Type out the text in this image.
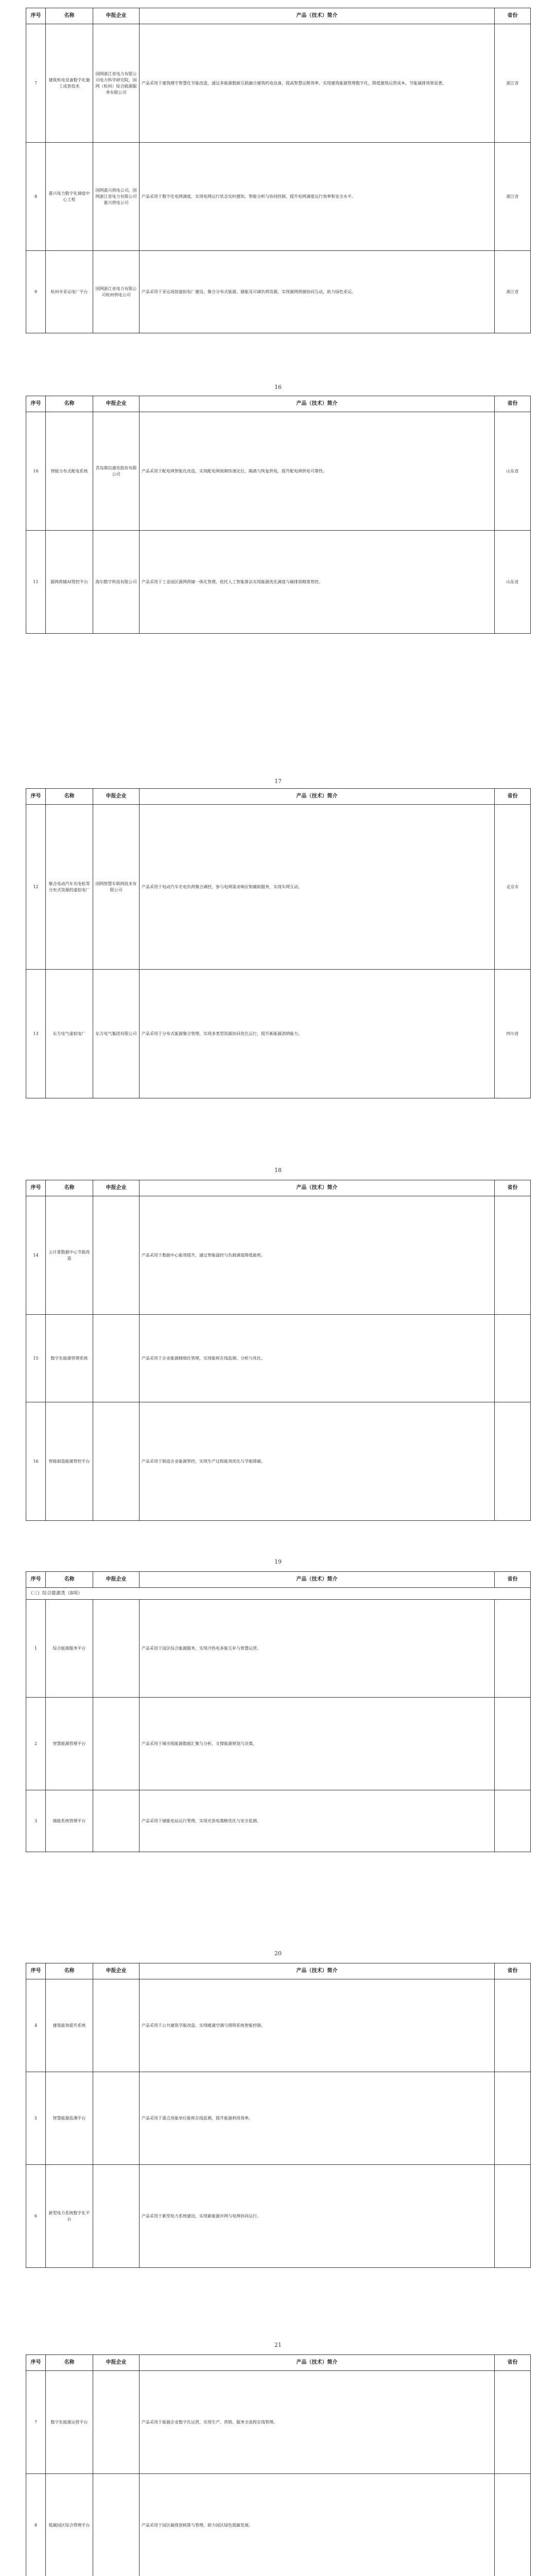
序号	名称	申报企业	产品（技术）简介	省份
7	建筑机电设备数字化施工成套技术	国网浙江省电力有限公司电力科学研究院，国网（杭州）综合能源服务有限公司	产品采用于建筑楼宇智慧化节能改造，通过多能源数据互联融合建筑机电设备，提高智慧运维效率，实现建筑能源管理数字化，降低建筑运营成本，节能减排效果显著。	浙江省
8	嘉兴电力数字化调度中心工程	国网嘉兴供电公司，国网浙江省电力有限公司嘉兴供电公司	产品采用于数字化电网调度，实现电网运行状态实时感知、智能分析与协同控制，提升电网调度运行效率和安全水平。	浙江省
9	杭州市亚运电厂平台	国网浙江省电力有限公司杭州供电公司	产品采用于亚运场馆虚拟电厂建设，聚合分布式能源、储能及可调负荷资源，实现源网荷储协同互动，助力绿色亚运。	浙江省
16
序号	名称	申报企业	产品（技术）简介	省份
10	智能分布式配电系统	青岛鼎信通讯股份有限公司	产品采用于配电网智能化改造，实现配电网故障快速定位、隔离与恢复供电，提升配电网供电可靠性。	山东省
11	源网荷储AI管控平台	海尔数字科技有限公司	产品采用于工业园区源网荷储一体化管理，依托人工智能算法实现能源优化调度与碳排放精准管控。	山东省
17
序号	名称	申报企业	产品（技术）简介	省份
12	聚合电动汽车充电桩等分布式资源的虚拟电厂	国网智慧车联网技术有限公司	产品采用于电动汽车充电负荷聚合调控，参与电网需求响应和辅助服务，实现车网互动。	北京市
13	东方电气虚拟电厂	东方电气集团有限公司	产品采用于分布式能源聚合管理，实现多类型资源协同优化运行，提升新能源消纳能力。	四川省
18
序号	名称	申报企业	产品（技术）简介	省份
14	云计算数据中心节能改造		产品采用于数据中心能效提升，通过智能温控与负载调度降低能耗。	
15	数字化能源管理系统		产品采用于企业能源精细化管理，实现能耗在线监测、分析与优化。	
16	智能制造能源管控平台		产品采用于制造企业能源管控，实现生产过程能效优化与节能降碳。	
19
序号	名称	申报企业	产品（技术）简介	省份
（三）综合能源类（8项）				
1	综合能源服务平台		产品采用于园区综合能源服务，实现冷热电多能互补与智慧运营。	
2	智慧能源管理平台		产品采用于城市级能源数据汇聚与分析，支撑能源规划与决策。	
3	储能系统管理平台		产品采用于储能电站运行管理，实现充放电策略优化与安全监测。	
20
序号	名称	申报企业	产品（技术）简介	省份
4	建筑能效提升系统		产品采用于公共建筑节能改造，实现暖通空调与照明系统智能控制。	
5	智慧能源监测平台		产品采用于重点用能单位能耗在线监测，提升能源利用效率。	
6	新型电力系统数字化平台		产品采用于新型电力系统建设，实现新能源并网与电网协同运行。	
21
序号	名称	申报企业	产品（技术）简介	省份
7	数字化能源运营平台		产品采用于能源企业数字化运营，实现生产、营销、服务全流程在线管理。	
8	低碳园区综合管理平台		产品采用于园区碳排放核算与管理，助力园区绿色低碳发展。	
